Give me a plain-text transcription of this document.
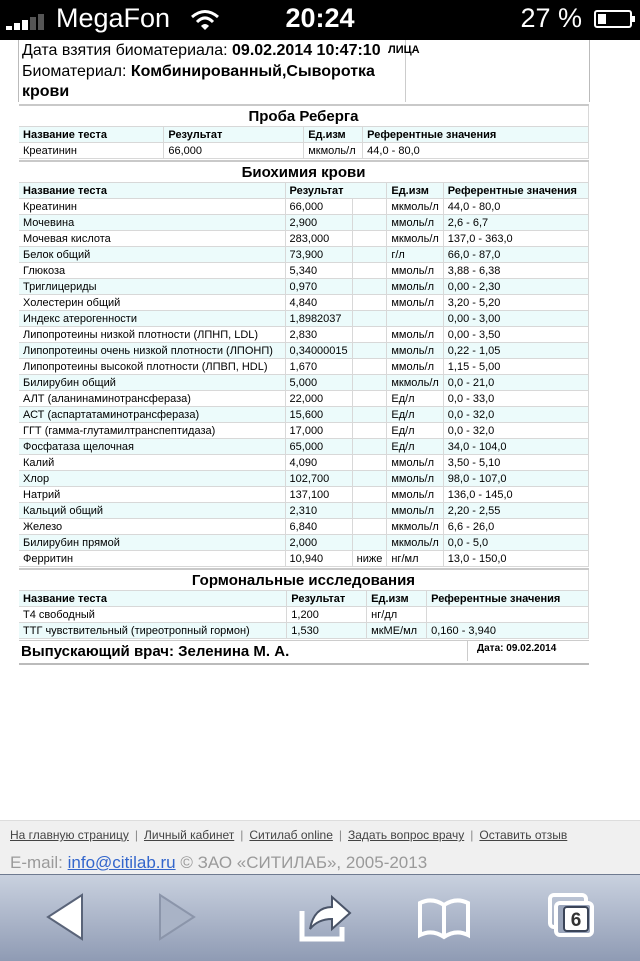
MegaFon	20:24	27 %
Дата взятия биоматериала: 09.02.2014 10:47:10 ЛИЦА
Биоматериал: Комбинированный,Сыворотка крови
Проба Реберга			
Название теста	Результат	Ед.изм	Референтные значения
Креатинин	66,000	мкмоль/л	44,0 - 80,0
Биохимия крови				
Название теста	Результат		Ед.изм	Референтные значения
Креатинин	66,000		мкмоль/л	44,0 - 80,0
Мочевина	2,900		ммоль/л	2,6 - 6,7
Мочевая кислота	283,000		мкмоль/л	137,0 - 363,0
Белок общий	73,900		г/л	66,0 - 87,0
Глюкоза	5,340		ммоль/л	3,88 - 6,38
Триглицериды	0,970		ммоль/л	0,00 - 2,30
Холестерин общий	4,840		ммоль/л	3,20 - 5,20
Индекс атерогенности	1,8982037			0,00 - 3,00
Липопротеины низкой плотности (ЛПНП, LDL)	2,830		ммоль/л	0,00 - 3,50
Липопротеины очень низкой плотности (ЛПОНП)	0,34000015		ммоль/л	0,22 - 1,05
Липопротеины высокой плотности (ЛПВП, HDL)	1,670		ммоль/л	1,15 - 5,00
Билирубин общий	5,000		мкмоль/л	0,0 - 21,0
АЛТ (аланинаминотрансфераза)	22,000		Ед/л	0,0 - 33,0
АСТ (аспартатаминотрансфераза)	15,600		Ед/л	0,0 - 32,0
ГГТ (гамма-глутамилтранспептидаза)	17,000		Ед/л	0,0 - 32,0
Фосфатаза щелочная	65,000		Ед/л	34,0 - 104,0
Калий	4,090		ммоль/л	3,50 - 5,10
Хлор	102,700		ммоль/л	98,0 - 107,0
Натрий	137,100		ммоль/л	136,0 - 145,0
Кальций общий	2,310		ммоль/л	2,20 - 2,55
Железо	6,840		мкмоль/л	6,6 - 26,0
Билирубин прямой	2,000		мкмоль/л	0,0 - 5,0
Ферритин	10,940	ниже	нг/мл	13,0 - 150,0
Гормональные исследования			
Название теста	Результат	Ед.изм	Референтные значения
Т4 свободный	1,200	нг/дл	
ТТГ чувствительный (тиреотропный гормон)	1,530	мкМЕ/мл	0,160 - 3,940
Выпускающий врач: Зеленина М. А.	Дата: 09.02.2014
На главную страницу | Личный кабинет | Ситилаб online | Задать вопрос врачу | Оставить отзыв
E-mail: info@citilab.ru © ЗАО «СИТИЛАБ», 2005-2013
6
